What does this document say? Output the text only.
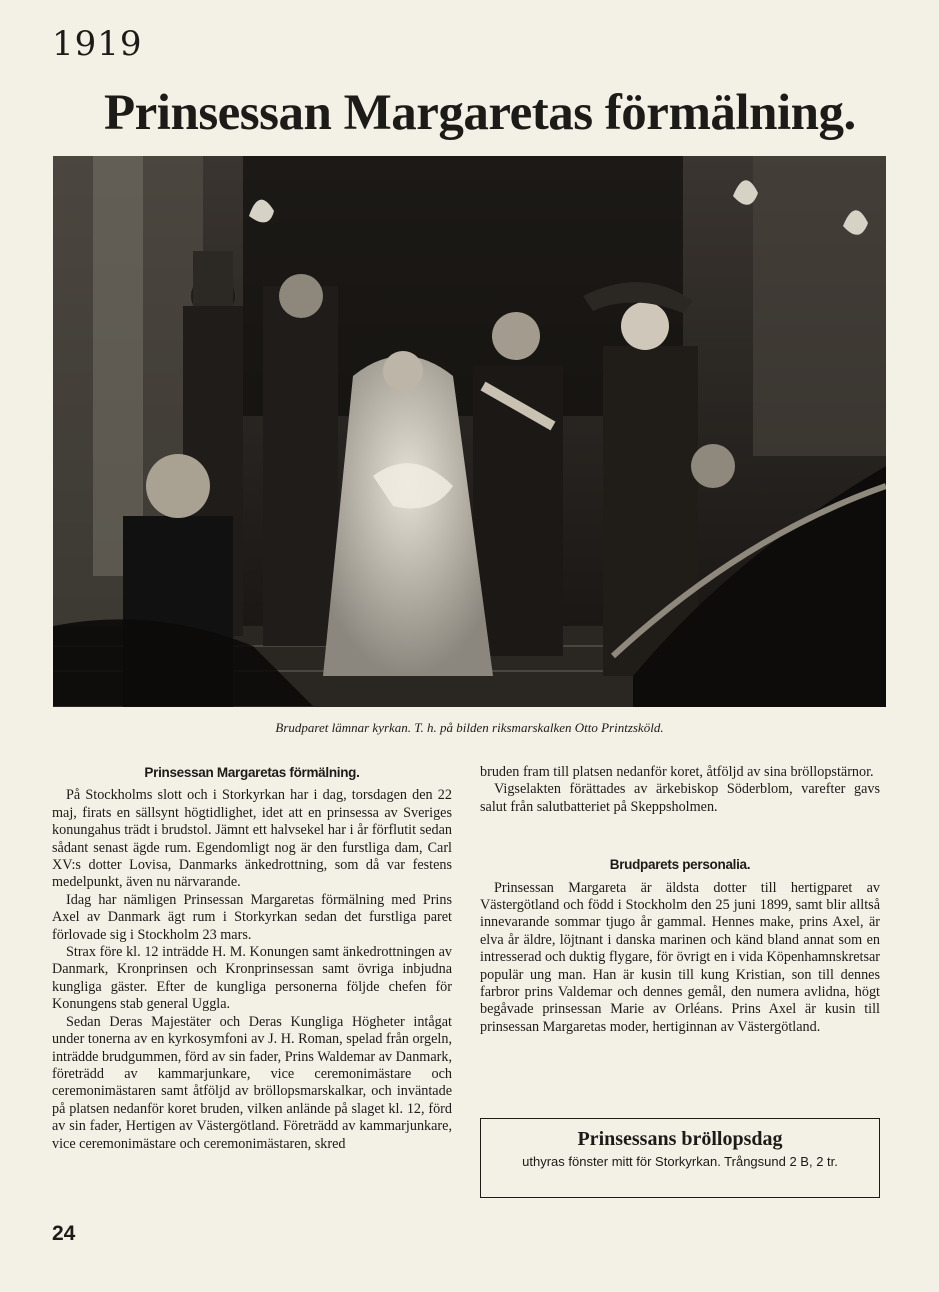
1919
Prinsessan Margaretas förmälning.
Brudparet lämnar kyrkan. T. h. på bilden riksmarskalken Otto Printzsköld.
Prinsessan Margaretas förmälning.

På Stockholms slott och i Storkyrkan har i dag, torsdagen den 22 maj, firats en sällsynt högtidlighet, idet att en prinsessa av Sveriges konungahus trädt i brudstol. Jämnt ett halvsekel har i år förflutit sedan sådant senast ägde rum. Egendomligt nog är den furstliga dam, Carl XV:s dotter Lovisa, Danmarks änkedrottning, som då var festens medelpunkt, även nu närvarande.

Idag har nämligen Prinsessan Margaretas förmälning med Prins Axel av Danmark ägt rum i Storkyrkan sedan det furstliga paret förlovade sig i Stockholm 23 mars.

Strax före kl. 12 inträdde H. M. Konungen samt änkedrottningen av Danmark, Kronprinsen och Kronprinsessan samt övriga inbjudna kungliga gäster. Efter de kungliga personerna följde chefen för Konungens stab general Uggla.

Sedan Deras Majestäter och Deras Kungliga Högheter intågat under tonerna av en kyrkosymfoni av J. H. Roman, spelad från orgeln, inträdde brudgummen, förd av sin fader, Prins Waldemar av Danmark, företrädd av kammarjunkare, vice ceremonimästare och ceremonimästaren samt åtföljd av bröllopsmarskalkar, och inväntade på platsen nedanför koret bruden, vilken anlände på slaget kl. 12, förd av sin fader, Hertigen av Västergötland. Företrädd av kammarjunkare, vice ceremonimästare och ceremonimästaren, skred

bruden fram till platsen nedanför koret, åtföljd av sina bröllopstärnor.

Vigselakten förättades av ärkebiskop Söderblom, varefter gavs salut från salutbatteriet på Skeppsholmen.

Brudparets personalia.

Prinsessan Margareta är äldsta dotter till hertigparet av Västergötland och född i Stockholm den 25 juni 1899, samt blir alltså innevarande sommar tjugo år gammal. Hennes make, prins Axel, är elva år äldre, löjtnant i danska marinen och känd bland annat som en intresserad och duktig flygare, för övrigt en i vida Köpenhamnskretsar populär ung man. Han är kusin till kung Kristian, son till dennes farbror prins Valdemar och dennes gemål, den numera avlidna, högt begåvade prinsessan Marie av Orléans. Prins Axel är kusin till prinsessan Margaretas moder, hertiginnan av Västergötland.

Prinsessans bröllopsdag
uthyras fönster mitt för Storkyrkan. Trångsund 2 B, 2 tr.
24
